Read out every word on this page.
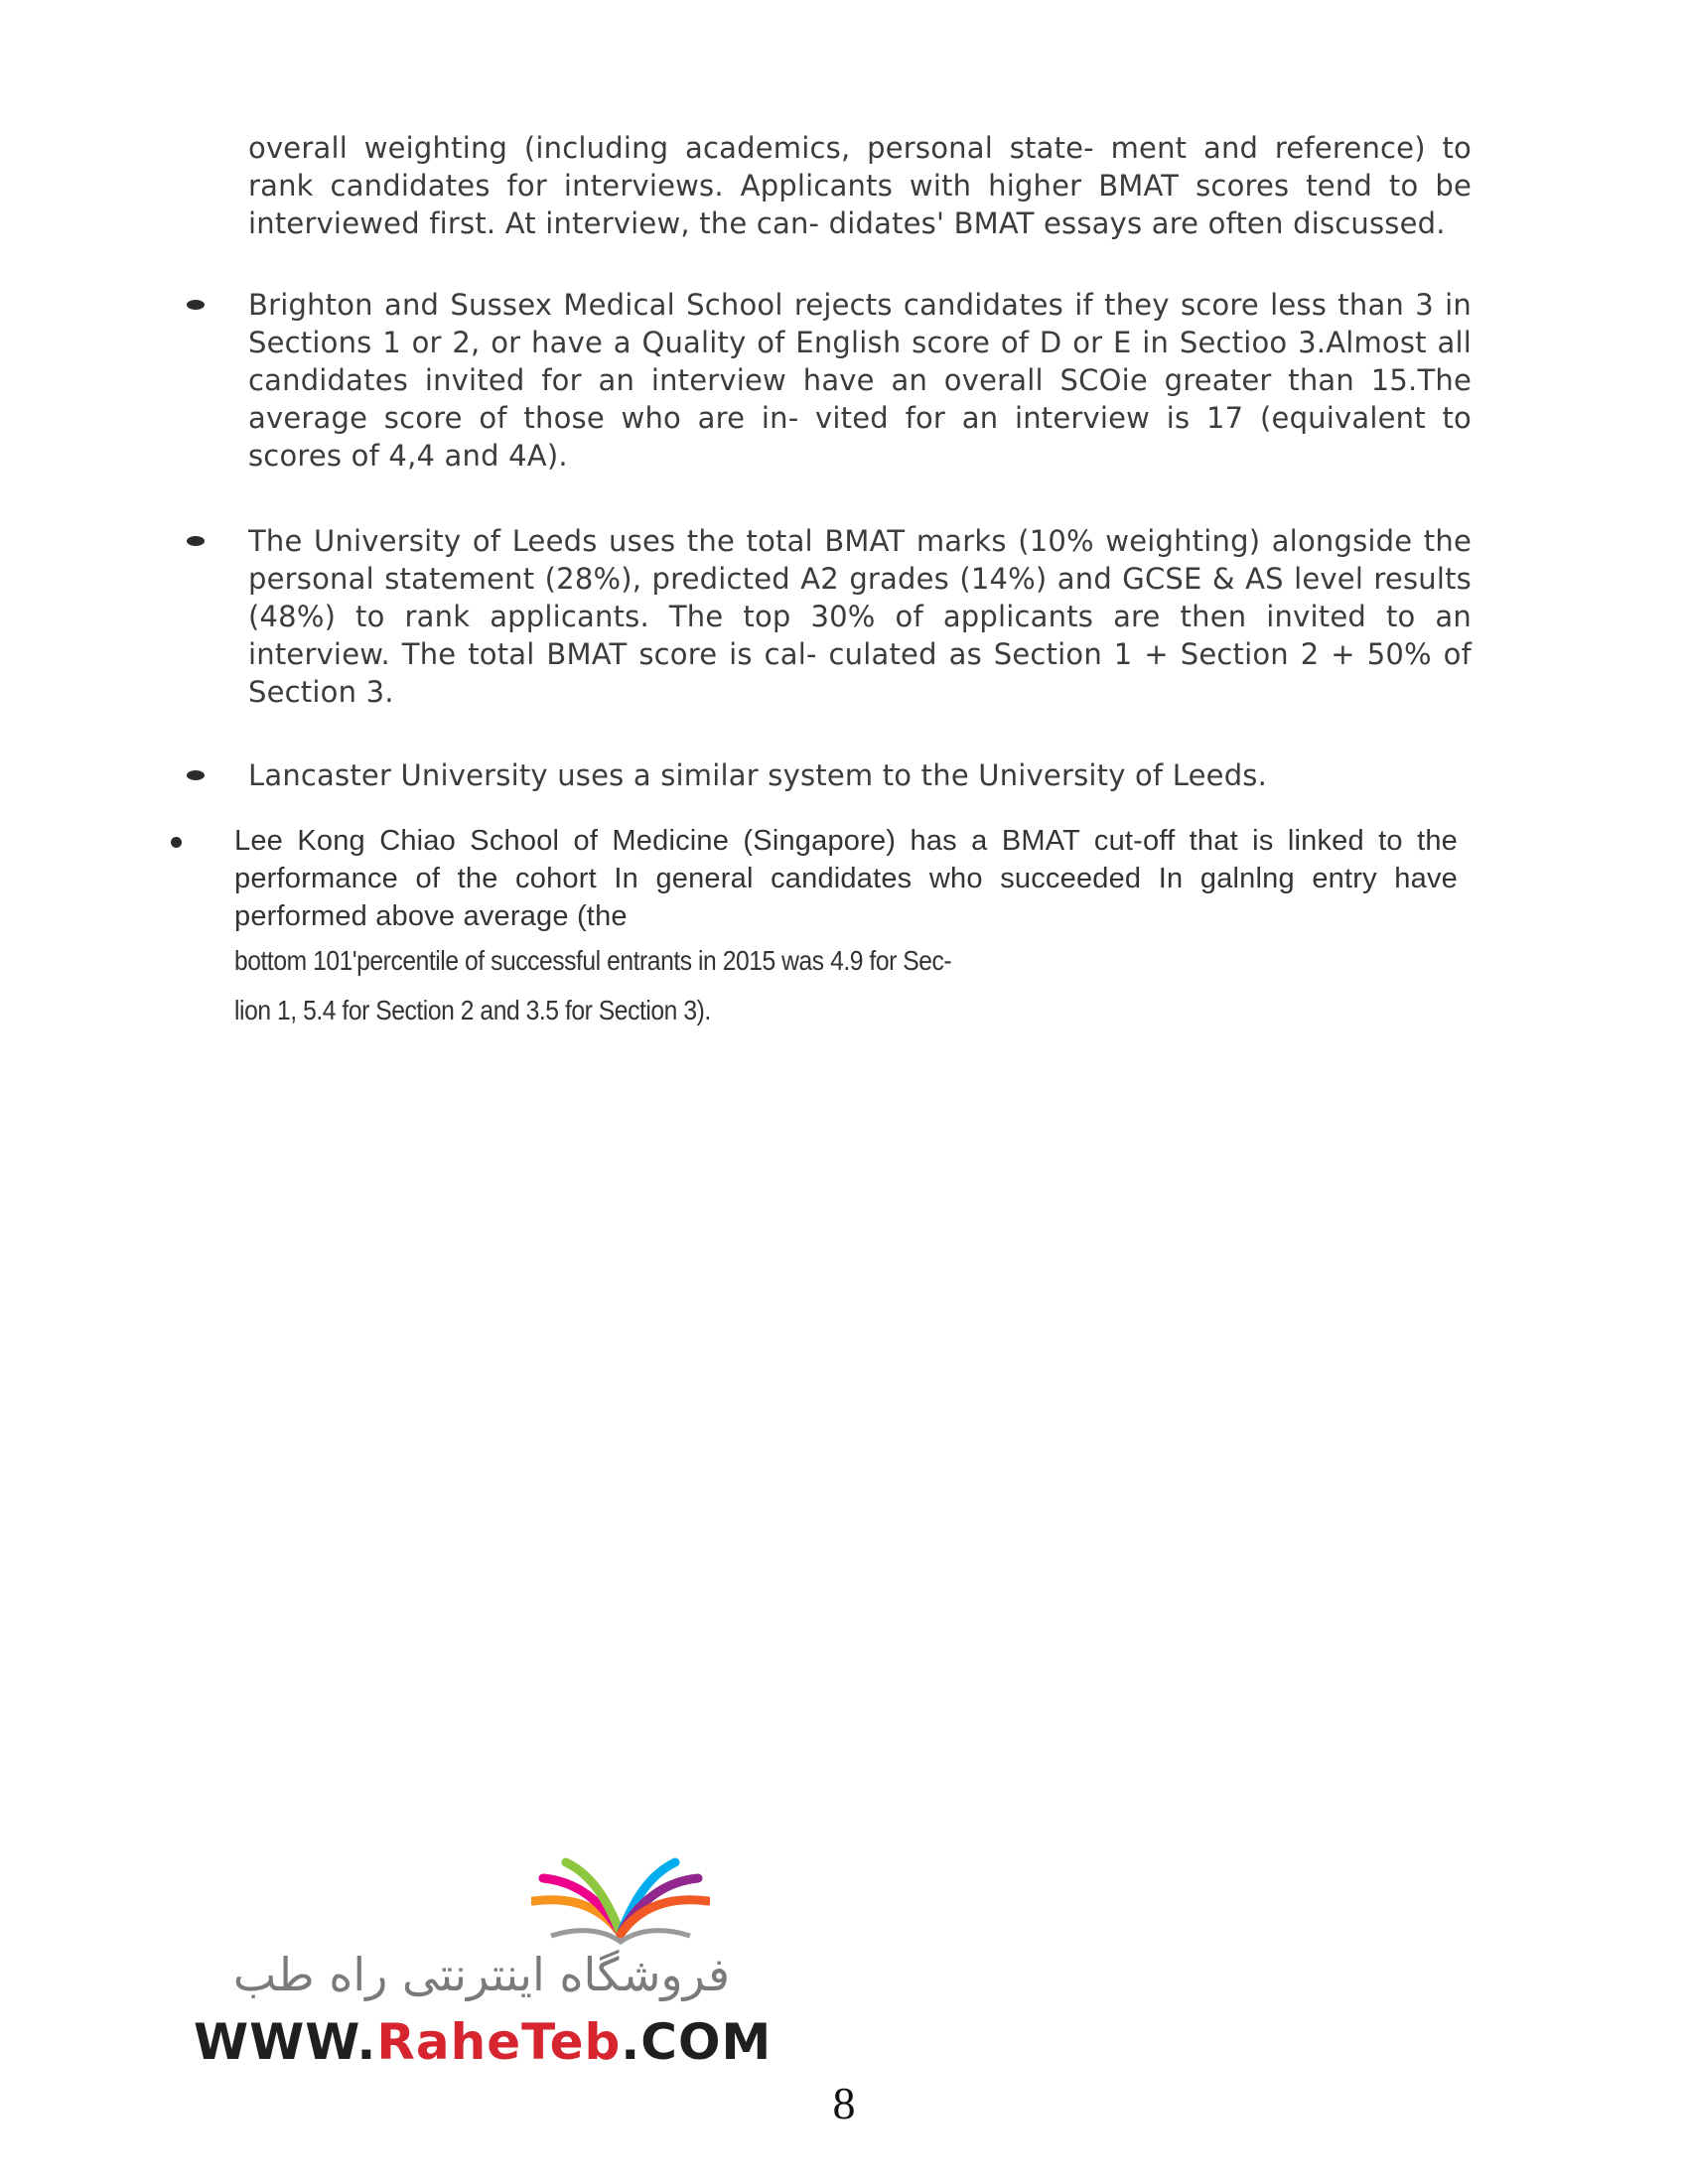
overall weighting (including academics, personal state- ment and reference) to rank candidates for interviews. Applicants with higher BMAT scores tend to be interviewed first. At interview, the can- didates' BMAT essays are often discussed.

Brighton and Sussex Medical School rejects candidates if they score less than 3 in Sections 1 or 2, or have a Quality of English score of D or E in Sectioo 3.Almost all candidates invited for an interview have an overall SCOie greater than 15.The average score of those who are in- vited for an interview is 17 (equivalent to scores of 4,4 and 4A).

The University of Leeds uses the total BMAT marks (10% weighting) alongside the personal statement (28%), predicted A2 grades (14%) and GCSE & AS level results (48%) to rank applicants. The top 30% of applicants are then invited to an interview. The total BMAT score is cal- culated as Section 1 + Section 2 + 50% of Section 3.

Lancaster University uses a similar system to the University of Leeds.

Lee Kong Chiao School of Medicine (Singapore) has a BMAT cut-off that is linked to the performance of the cohort In general candidates who succeeded In galnlng entry have performed above average (the

bottom 101'percentile of successful entrants in 2015 was 4.9 for Sec-
lion 1, 5.4 for Section 2 and 3.5 for Section 3).
فروشگاه اینترنتی راه طب
WWW.RaheTeb.COM
8
